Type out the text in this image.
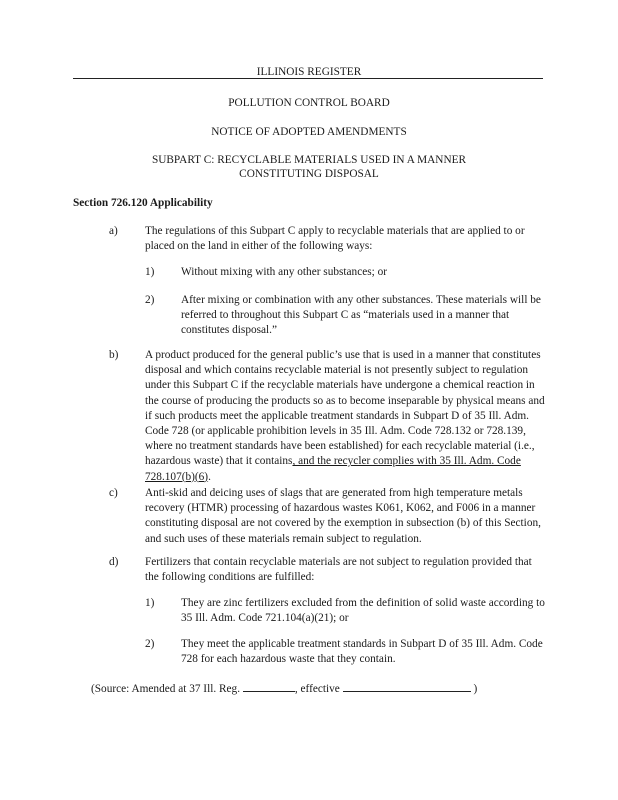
ILLINOIS REGISTER
POLLUTION CONTROL BOARD
NOTICE OF ADOPTED AMENDMENTS
SUBPART C: RECYCLABLE MATERIALS USED IN A MANNER
CONSTITUTING DISPOSAL
Section 726.120 Applicability
a) The regulations of this Subpart C apply to recyclable materials that are applied to or placed on the land in either of the following ways:
1) Without mixing with any other substances; or
2) After mixing or combination with any other substances. These materials will be referred to throughout this Subpart C as “materials used in a manner that constitutes disposal.”
b) A product produced for the general public’s use that is used in a manner that constitutes disposal and which contains recyclable material is not presently subject to regulation under this Subpart C if the recyclable materials have undergone a chemical reaction in the course of producing the products so as to become inseparable by physical means and if such products meet the applicable treatment standards in Subpart D of 35 Ill. Adm. Code 728 (or applicable prohibition levels in 35 Ill. Adm. Code 728.132 or 728.139, where no treatment standards have been established) for each recyclable material (i.e., hazardous waste) that it contains, and the recycler complies with 35 Ill. Adm. Code 728.107(b)(6).
c) Anti-skid and deicing uses of slags that are generated from high temperature metals recovery (HTMR) processing of hazardous wastes K061, K062, and F006 in a manner constituting disposal are not covered by the exemption in subsection (b) of this Section, and such uses of these materials remain subject to regulation.
d) Fertilizers that contain recyclable materials are not subject to regulation provided that the following conditions are fulfilled:
1) They are zinc fertilizers excluded from the definition of solid waste according to 35 Ill. Adm. Code 721.104(a)(21); or
2) They meet the applicable treatment standards in Subpart D of 35 Ill. Adm. Code 728 for each hazardous waste that they contain.
(Source: Amended at 37 Ill. Reg.	, effective	)
